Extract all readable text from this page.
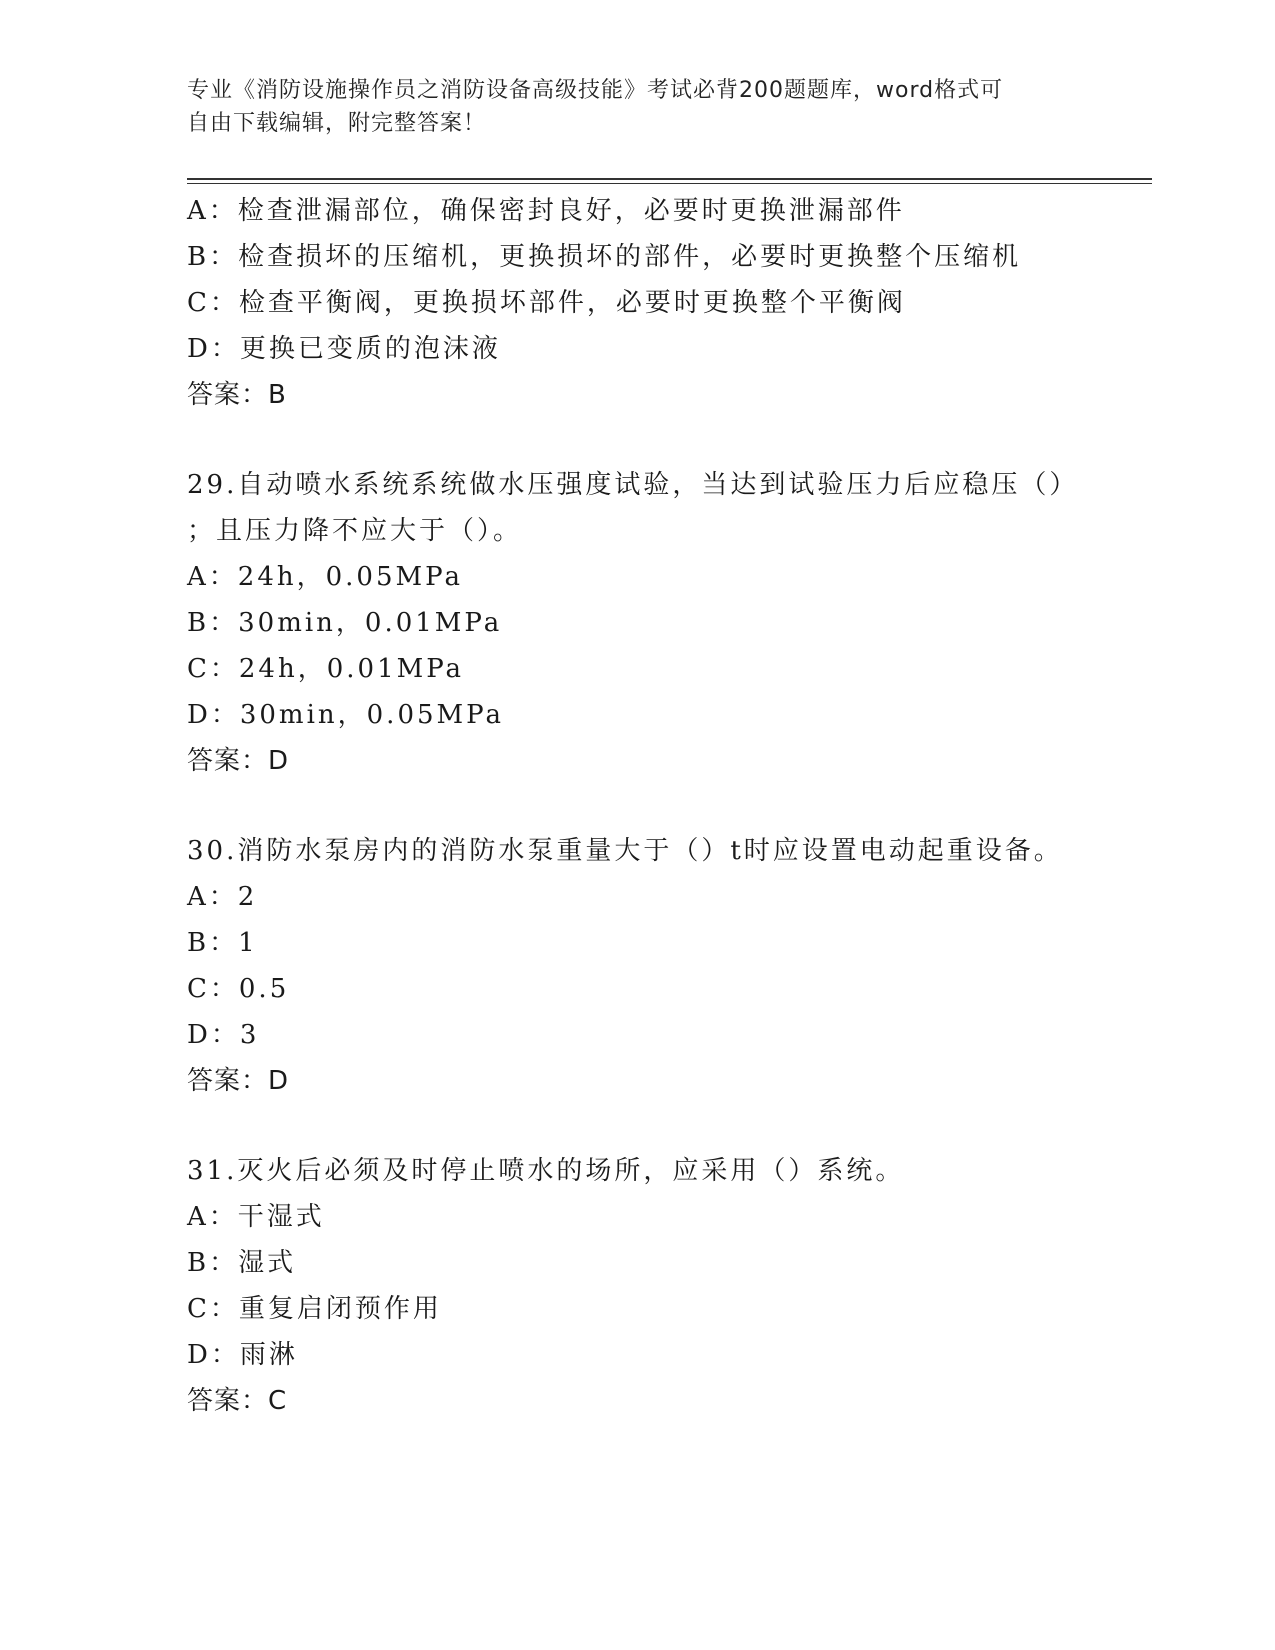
专业《消防设施操作员之消防设备高级技能》考试必背200题题库，word格式可
自由下载编辑，附完整答案！
A：检查泄漏部位，确保密封良好，必要时更换泄漏部件
B：检查损坏的压缩机，更换损坏的部件，必要时更换整个压缩机
C：检查平衡阀，更换损坏部件，必要时更换整个平衡阀
D：更换已变质的泡沫液
答案：B
29.自动喷水系统系统做水压强度试验，当达到试验压力后应稳压（）
；且压力降不应大于（）。
A：24h，0.05MPa
B：30min，0.01MPa
C：24h，0.01MPa
D：30min，0.05MPa
答案：D
30.消防水泵房内的消防水泵重量大于（）t时应设置电动起重设备。
A：2
B：1
C：0.5
D：3
答案：D
31.灭火后必须及时停止喷水的场所，应采用（）系统。
A：干湿式
B：湿式
C：重复启闭预作用
D：雨淋
答案：C
